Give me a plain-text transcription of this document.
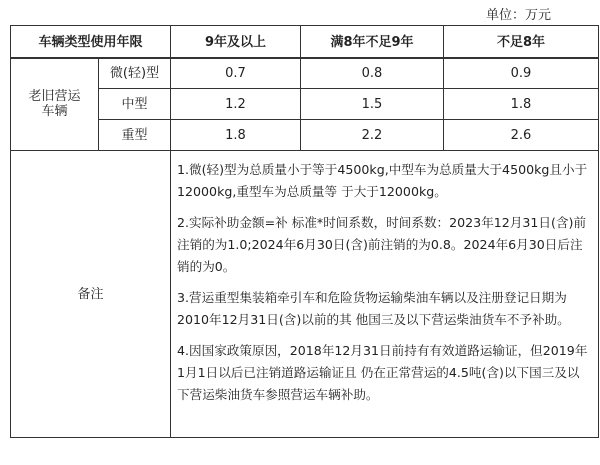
单位：万元
车辆类型使用年限	9年及以上	满8年不足9年	不足8年
老旧营运
车辆	微(轻)型	0.7	0.8	0.9
	中型	1.2	1.5	1.8
	重型	1.8	2.2	2.6
备注		1.微(轻)型为总质量小于等于4500kg,中型车为总质量大于4500kg且小于12000kg,重型车为总质量等 于大于12000kg。
2.实际补助金额=补 标准*时间系数，时间系数：2023年12月31日(含)前注销的为1.0;2024年6月30日(含)前注销的为0.8。2024年6月30日后注销的为0。
3.营运重型集装箱牵引车和危险货物运输柴油车辆以及注册登记日期为2010年12月31日(含)以前的其 他国三及以下营运柴油货车不予补助。
4.因国家政策原因，2018年12月31日前持有有效道路运输证，但2019年1月1日以后已注销道路运输证且 仍在正常营运的4.5吨(含)以下国三及以下营运柴油货车参照营运车辆补助。		
